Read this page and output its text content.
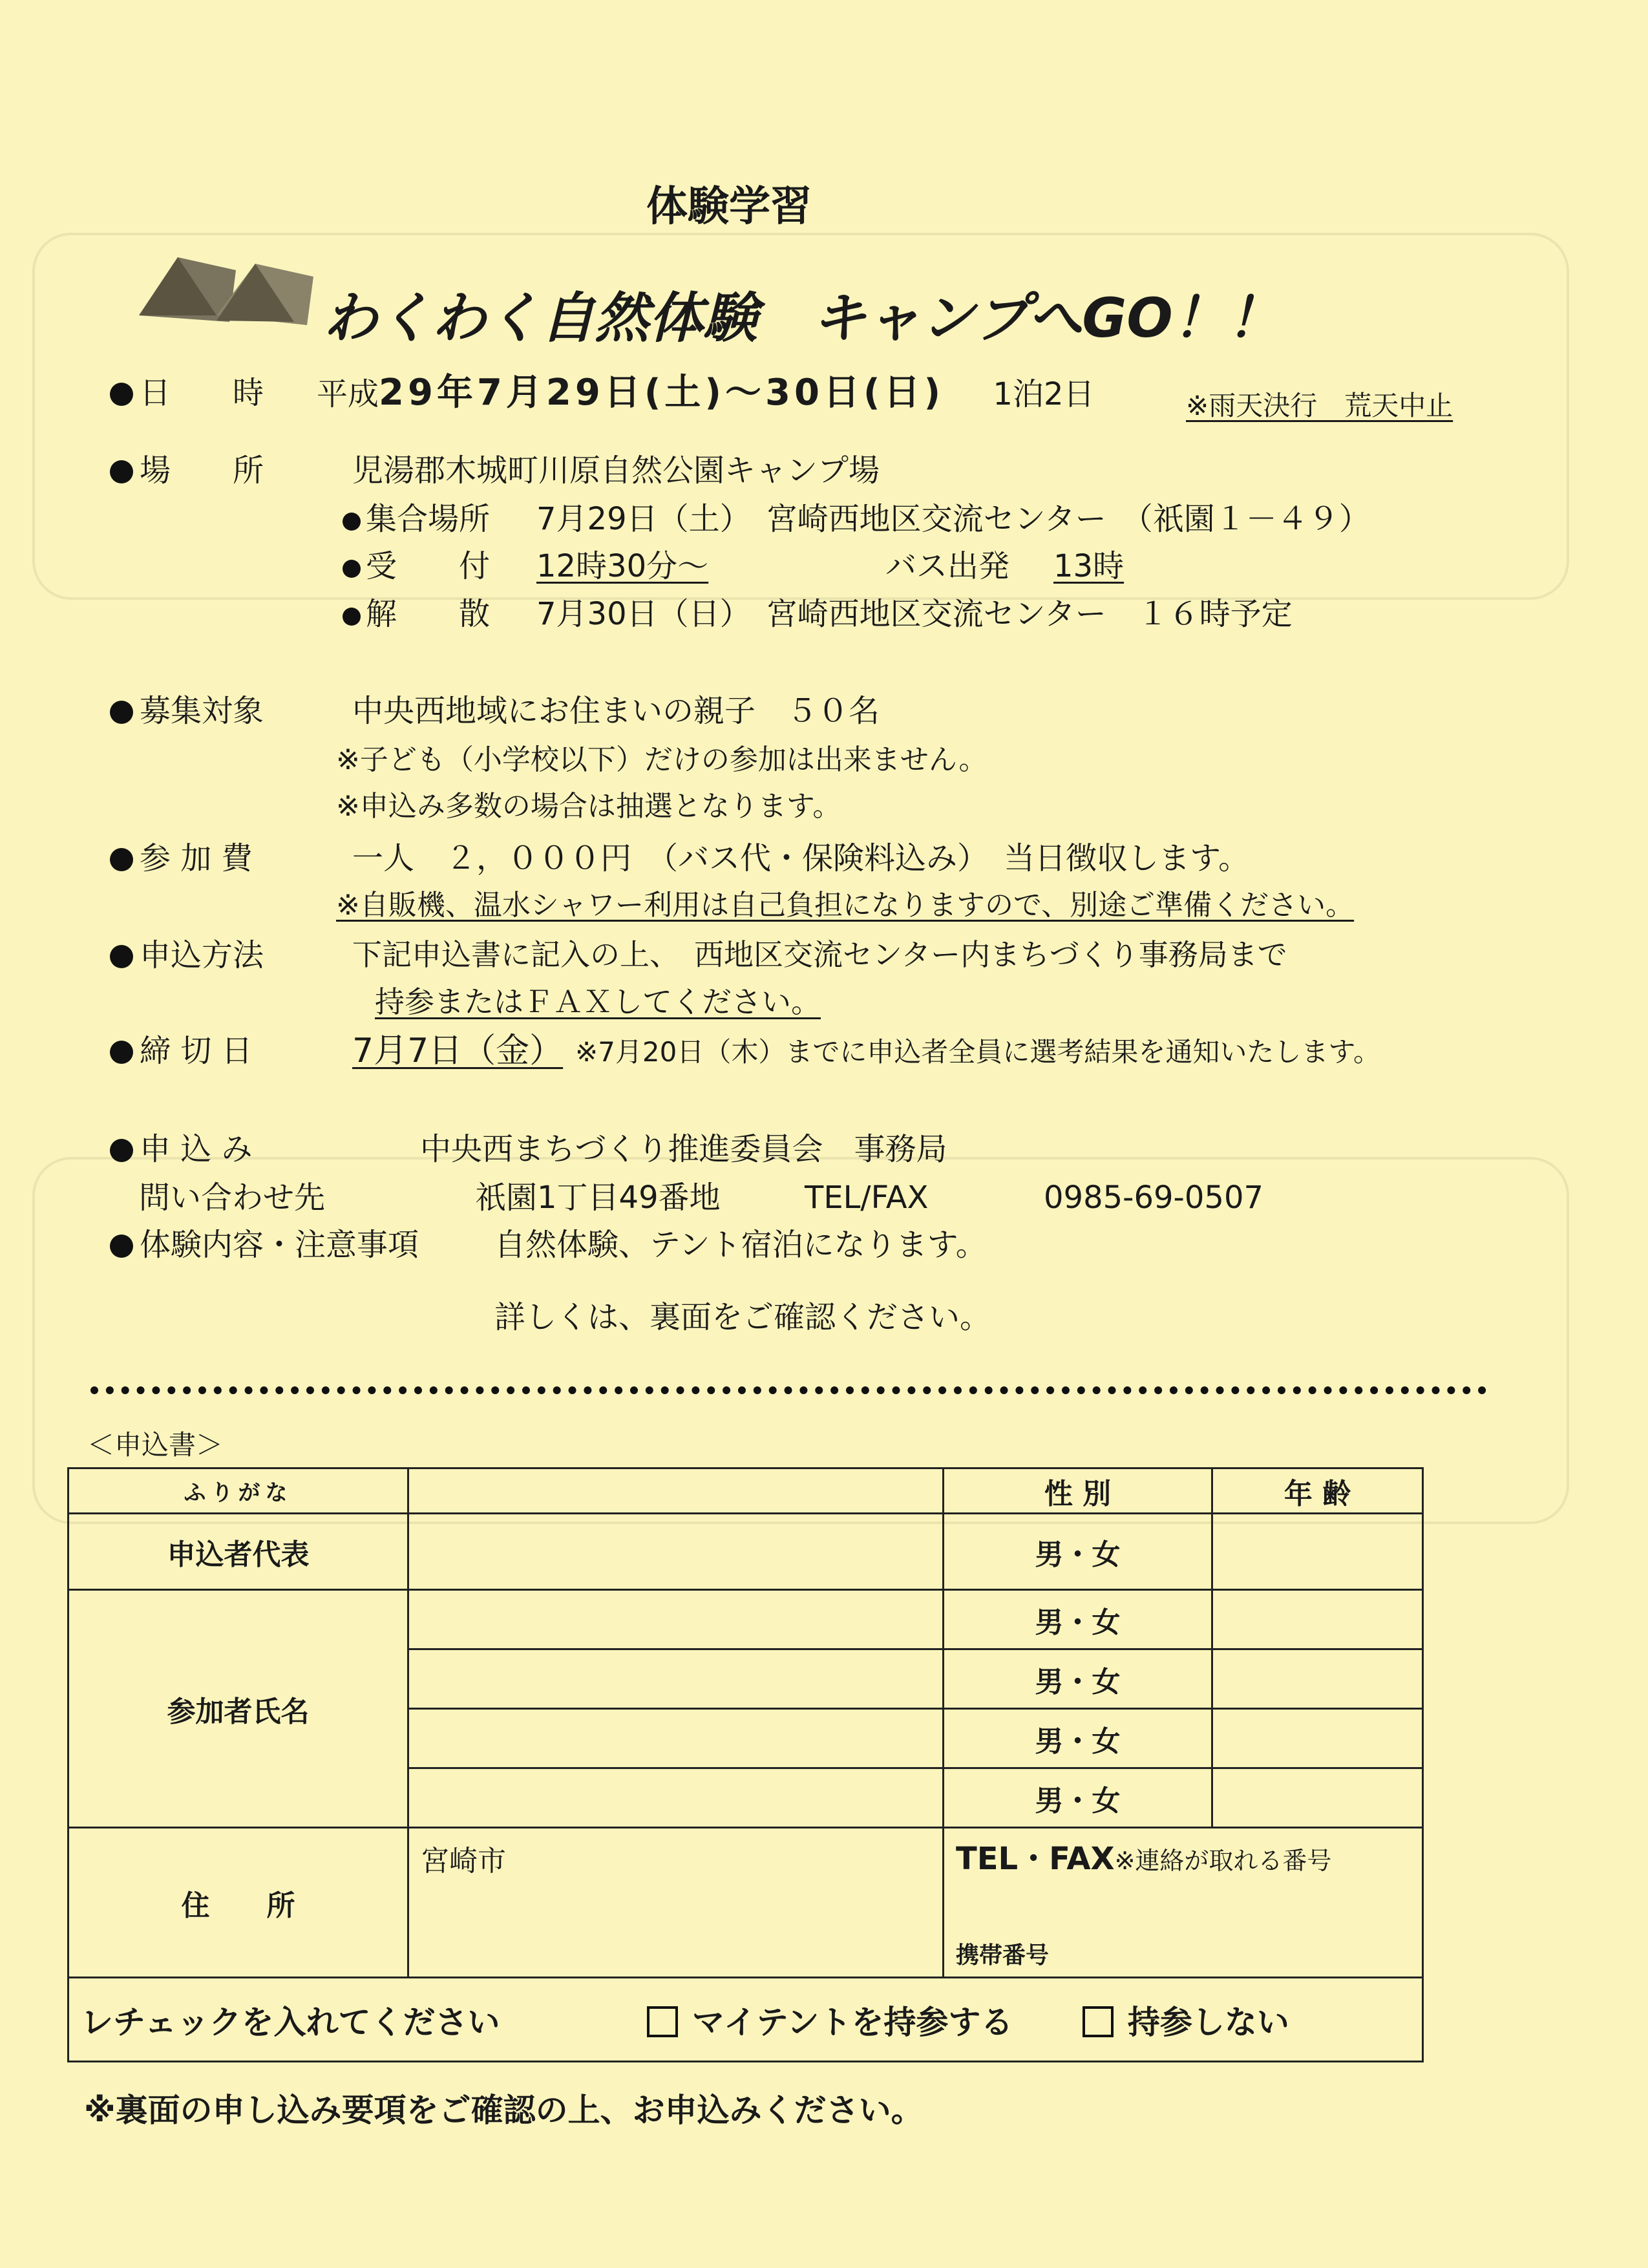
体験学習
わくわく自然体験　キャンプへGO！！
日　　時 平成29年7月29日(土)～30日(日) 1泊2日	※雨天決行　荒天中止
場　　所	児湯郡木城町川原自然公園キャンプ場
集合場所 7月29日（土）　宮崎西地区交流センター　（祇園１－４９）
受　　付 12時30分～	バス出発 13時
解　　散 7月30日（日）　宮崎西地区交流センター　１６時予定
募集対象	中央西地域にお住まいの親子　５０名
※子ども（小学校以下）だけの参加は出来ません。
※申込み多数の場合は抽選となります。
参 加 費	一人　２，０００円　（バス代・保険料込み）　当日徴収します。
※自販機、温水シャワー利用は自己負担になりますので、別途ご準備ください。
申込方法	下記申込書に記入の上、　西地区交流センター内まちづくり事務局まで
持参またはＦＡＸしてください。
締 切 日	7月7日（金） ※7月20日（木）までに申込者全員に選考結果を通知いたします。
申 込 み	中央西まちづくり推進委員会　事務局
問い合わせ先	祇園1丁目49番地	TEL/FAX	0985-69-0507
体験内容・注意事項 自然体験、テント宿泊になります。
詳しくは、裏面をご確認ください。
＜申込書＞
ふりがな		性 別	年 齢
申込者代表		男・女	
参加者氏名		男・女	
		男・女	
		男・女	
		男・女	
住　　所	宮崎市	TEL・FAX※連絡が取れる番号
携帯番号	

レチェックを入れてください マイテントを持参する 持参しない			
※裏面の申し込み要項をご確認の上、お申込みください。
